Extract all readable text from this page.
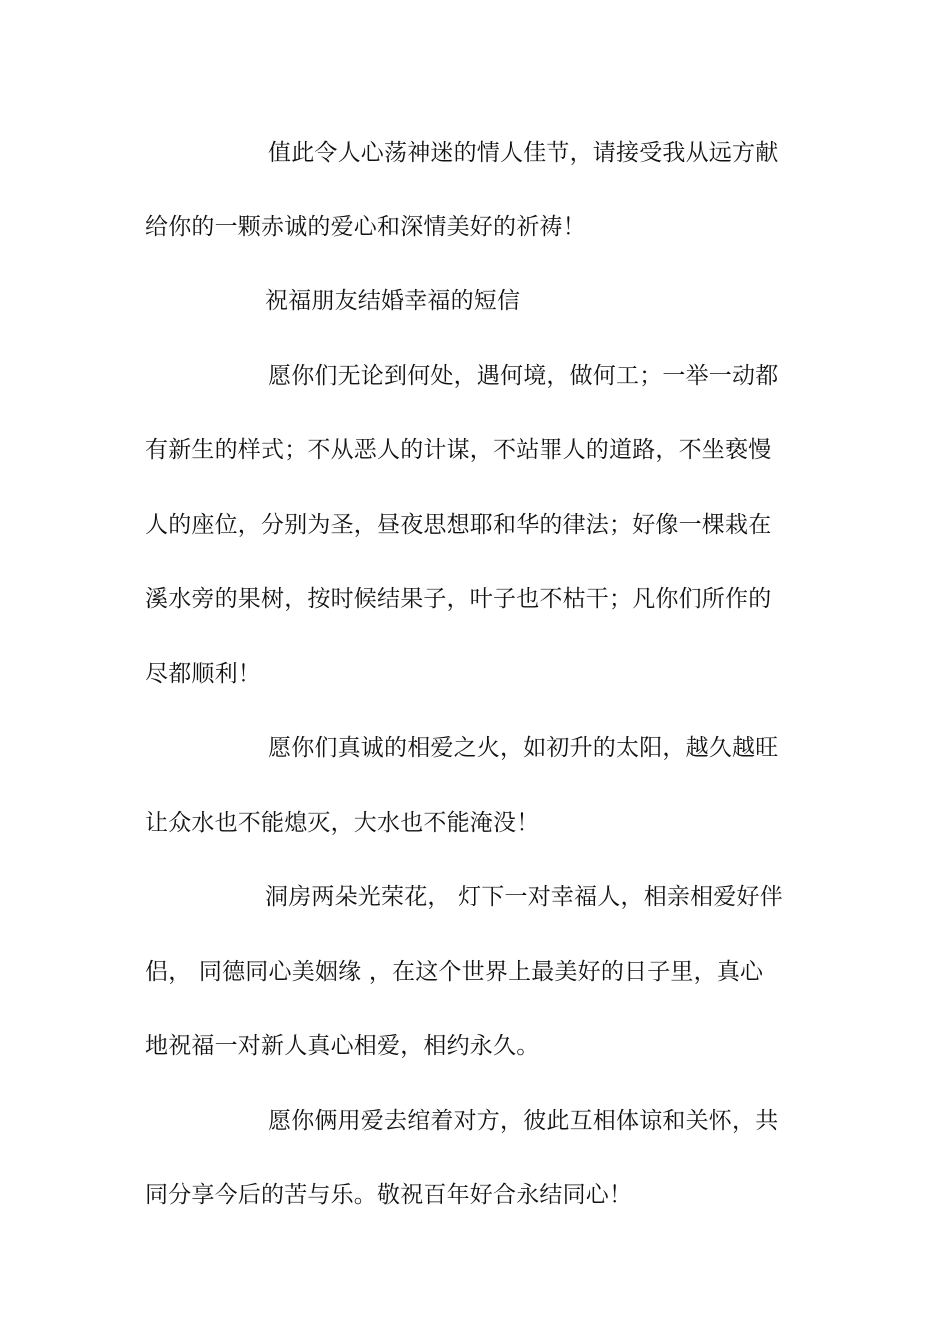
值此令人心荡神迷的情人佳节，请接受我从远方献
给你的一颗赤诚的爱心和深情美好的祈祷！
祝福朋友结婚幸福的短信
愿你们无论到何处，遇何境，做何工；一举一动都
有新生的样式；不从恶人的计谋，不站罪人的道路，不坐亵慢
人的座位，分别为圣，昼夜思想耶和华的律法；好像一棵栽在
溪水旁的果树，按时候结果子，叶子也不枯干；凡你们所作的
尽都顺利！
愿你们真诚的相爱之火，如初升的太阳，越久越旺
让众水也不能熄灭，大水也不能淹没！
洞房两朵光荣花， 灯下一对幸福人，相亲相爱好伴
侣， 同德同心美姻缘 ，在这个世界上最美好的日子里，真心
地祝福一对新人真心相爱，相约永久。
愿你俩用爱去绾着对方，彼此互相体谅和关怀，共
同分享今后的苦与乐。敬祝百年好合永结同心！
